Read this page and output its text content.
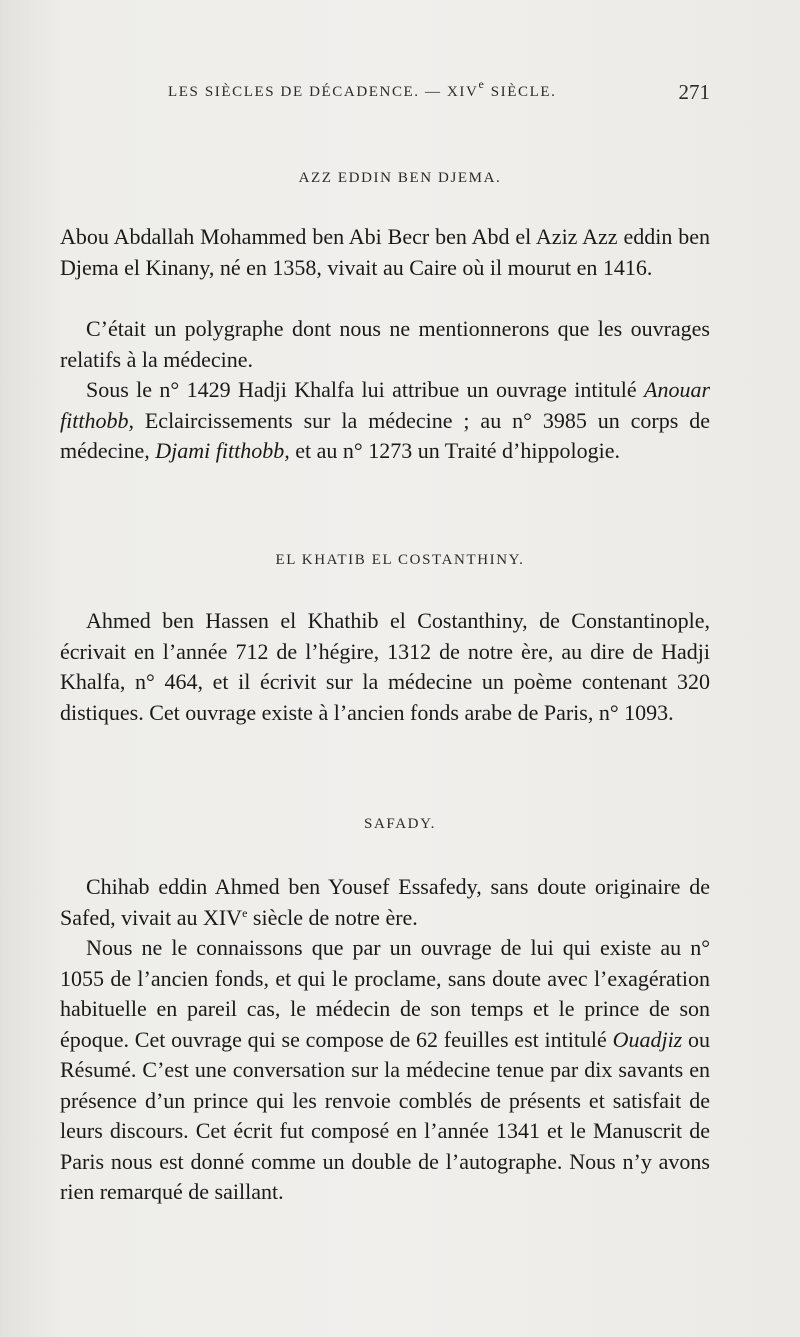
LES SIÈCLES DE DÉCADENCE. — XIVe SIÈCLE.	271
AZZ EDDIN BEN DJEMA.

Abou Abdallah Mohammed ben Abi Becr ben Abd el Aziz Azz eddin ben Djema el Kinany, né en 1358, vivait au Caire où il mourut en 1416.

C’était un polygraphe dont nous ne mentionnerons que les ouvrages relatifs à la médecine.

Sous le n° 1429 Hadji Khalfa lui attribue un ouvrage intitulé Anouar fitthobb, Eclaircissements sur la médecine ; au n° 3985 un corps de médecine, Djami fitthobb, et au n° 1273 un Traité d’hippologie.

EL KHATIB EL COSTANTHINY.

Ahmed ben Hassen el Khathib el Costanthiny, de Constantinople, écrivait en l’année 712 de l’hégire, 1312 de notre ère, au dire de Hadji Khalfa, n° 464, et il écrivit sur la médecine un poème contenant 320 distiques. Cet ouvrage existe à l’ancien fonds arabe de Paris, n° 1093.

SAFADY.

Chihab eddin Ahmed ben Yousef Essafedy, sans doute originaire de Safed, vivait au XIVe siècle de notre ère.

Nous ne le connaissons que par un ouvrage de lui qui existe au n° 1055 de l’ancien fonds, et qui le proclame, sans doute avec l’exagération habituelle en pareil cas, le médecin de son temps et le prince de son époque. Cet ouvrage qui se compose de 62 feuilles est intitulé Ouadjiz ou Résumé. C’est une conversation sur la médecine tenue par dix savants en présence d’un prince qui les renvoie comblés de présents et satisfait de leurs discours. Cet écrit fut composé en l’année 1341 et le Manuscrit de Paris nous est donné comme un double de l’autographe. Nous n’y avons rien remarqué de saillant.
